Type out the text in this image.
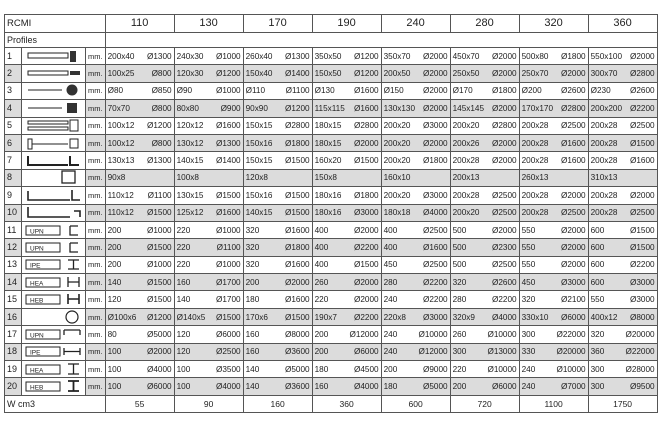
RCMI			110	130	170	190	240	280	320	360
Profiles										
1		mm.	200x40 Ø1300	240x30 Ø1000	260x40 Ø1300	350x50 Ø1200	350x70 Ø2000	450x70 Ø2000	500x80 Ø1800	550x100 Ø2000

2		mm.	100x25 Ø800	120x30 Ø1200	150x40 Ø1400	150x50 Ø1200	200x50 Ø2000	250x50 Ø2000	250x70 Ø2000	300x70 Ø2800

3		mm.	Ø80 Ø850	Ø90 Ø1000	Ø110 Ø1100	Ø130 Ø1600	Ø150 Ø2000	Ø170 Ø1800	Ø200 Ø2600	Ø230 Ø2600

4		mm.	70x70 Ø800	80x80 Ø900	90x90 Ø1200	115x115 Ø1600	130x130 Ø2000	145x145 Ø2000	170x170 Ø2800	200x200 Ø2200

5		mm.	100x12 Ø1200	120x12 Ø1600	150x15 Ø2800	180x15 Ø2800	200x20 Ø3000	200x20 Ø2800	200x28 Ø2500	200x28 Ø2500

6		mm.	100x12 Ø800	130x12 Ø1300	150x16 Ø1800	180x15 Ø2000	200x20 Ø2000	200x26 Ø2000	200x28 Ø1600	200x28 Ø1500

7		mm.	130x13 Ø1300	140x15 Ø1400	150x15 Ø1500	160x20 Ø1500	200x20 Ø1800	200x28 Ø2000	200x28 Ø1600	200x28 Ø1600

8		mm.	90x8	100x8	120x8	150x8	160x10	200x13	260x13	310x13

9		mm.	110x12 Ø1100	130x15 Ø1500	150x16 Ø1500	180x16 Ø1800	200x20 Ø3000	200x28 Ø2500	200x28 Ø2000	200x28 Ø2000

10		mm.	110x12 Ø1500	125x12 Ø1600	140x15 Ø1500	180x16 Ø3000	180x18 Ø4000	200x20 Ø2500	200x28 Ø2500	200x28 Ø2500

11	UPN	mm.	200 Ø1000	220 Ø1000	320 Ø1600	400 Ø2000	400 Ø2500	500 Ø2000	550 Ø2000	600 Ø1500

12	UPN	mm.	200 Ø1500	220 Ø1100	320 Ø1800	400 Ø2200	400 Ø1600	500 Ø2300	550 Ø2000	600 Ø1500

13	IPE	mm.	200 Ø1000	220 Ø1000	320 Ø1600	400 Ø1500	450 Ø2500	500 Ø2500	550 Ø2000	600 Ø2200

14	HEA	mm.	140 Ø1500	160 Ø1700	200 Ø2000	260 Ø2000	280 Ø2200	320 Ø2600	450 Ø3000	600 Ø3000

15	HEB	mm.	120 Ø1500	140 Ø1700	180 Ø1600	220 Ø2000	240 Ø2200	280 Ø2200	320 Ø2100	550 Ø3000

16		mm.	Ø100x6 Ø1200	Ø140x5 Ø1500	170x6 Ø1500	190x7 Ø2200	220x8 Ø3000	320x9 Ø4000	330x10 Ø6000	400x12 Ø8000

17	UPN	mm.	80 Ø5000	120 Ø6000	160 Ø8000	200 Ø12000	240 Ø10000	260 Ø10000	300 Ø22000	320 Ø20000

18	IPE	mm.	100 Ø2000	120 Ø2500	160 Ø3600	200 Ø6000	240 Ø12000	300 Ø13000	330 Ø20000	360 Ø22000

19	HEA	mm.	100 Ø4000	100 Ø3500	140 Ø5000	180 Ø4500	200 Ø9000	220 Ø10000	240 Ø10000	300 Ø28000

20	HEB	mm.	100 Ø6000	100 Ø4000	140 Ø3600	160 Ø4000	180 Ø5000	200 Ø6000	240 Ø7000	300 Ø9500

W cm3			55	90	160	360	600	720	1100	1750
